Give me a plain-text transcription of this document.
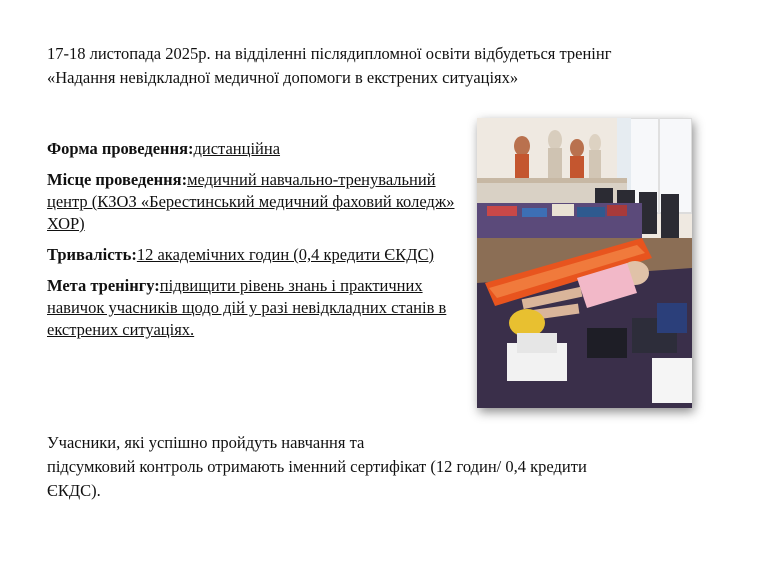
17-18 листопада 2025р. на відділенні післядипломної освіти відбудеться тренінг
«Надання невідкладної медичної допомоги в екстрених ситуаціях»

Форма проведення:дистанційна

Місце проведення:медичний навчально-тренувальний центр (КЗОЗ «Берестинський медичний фаховий коледж» ХОР)

Тривалість:12 академічних годин (0,4 кредити ЄКДС)

Мета тренінгу:підвищити рівень знань і практичних навичок учасників щодо дій у разі невідкладних станів в екстрених ситуаціях.

Учасники, які успішно пройдуть навчання та
підсумковий контроль отримають іменний сертифікат (12 годин/ 0,4 кредити
ЄКДС).
